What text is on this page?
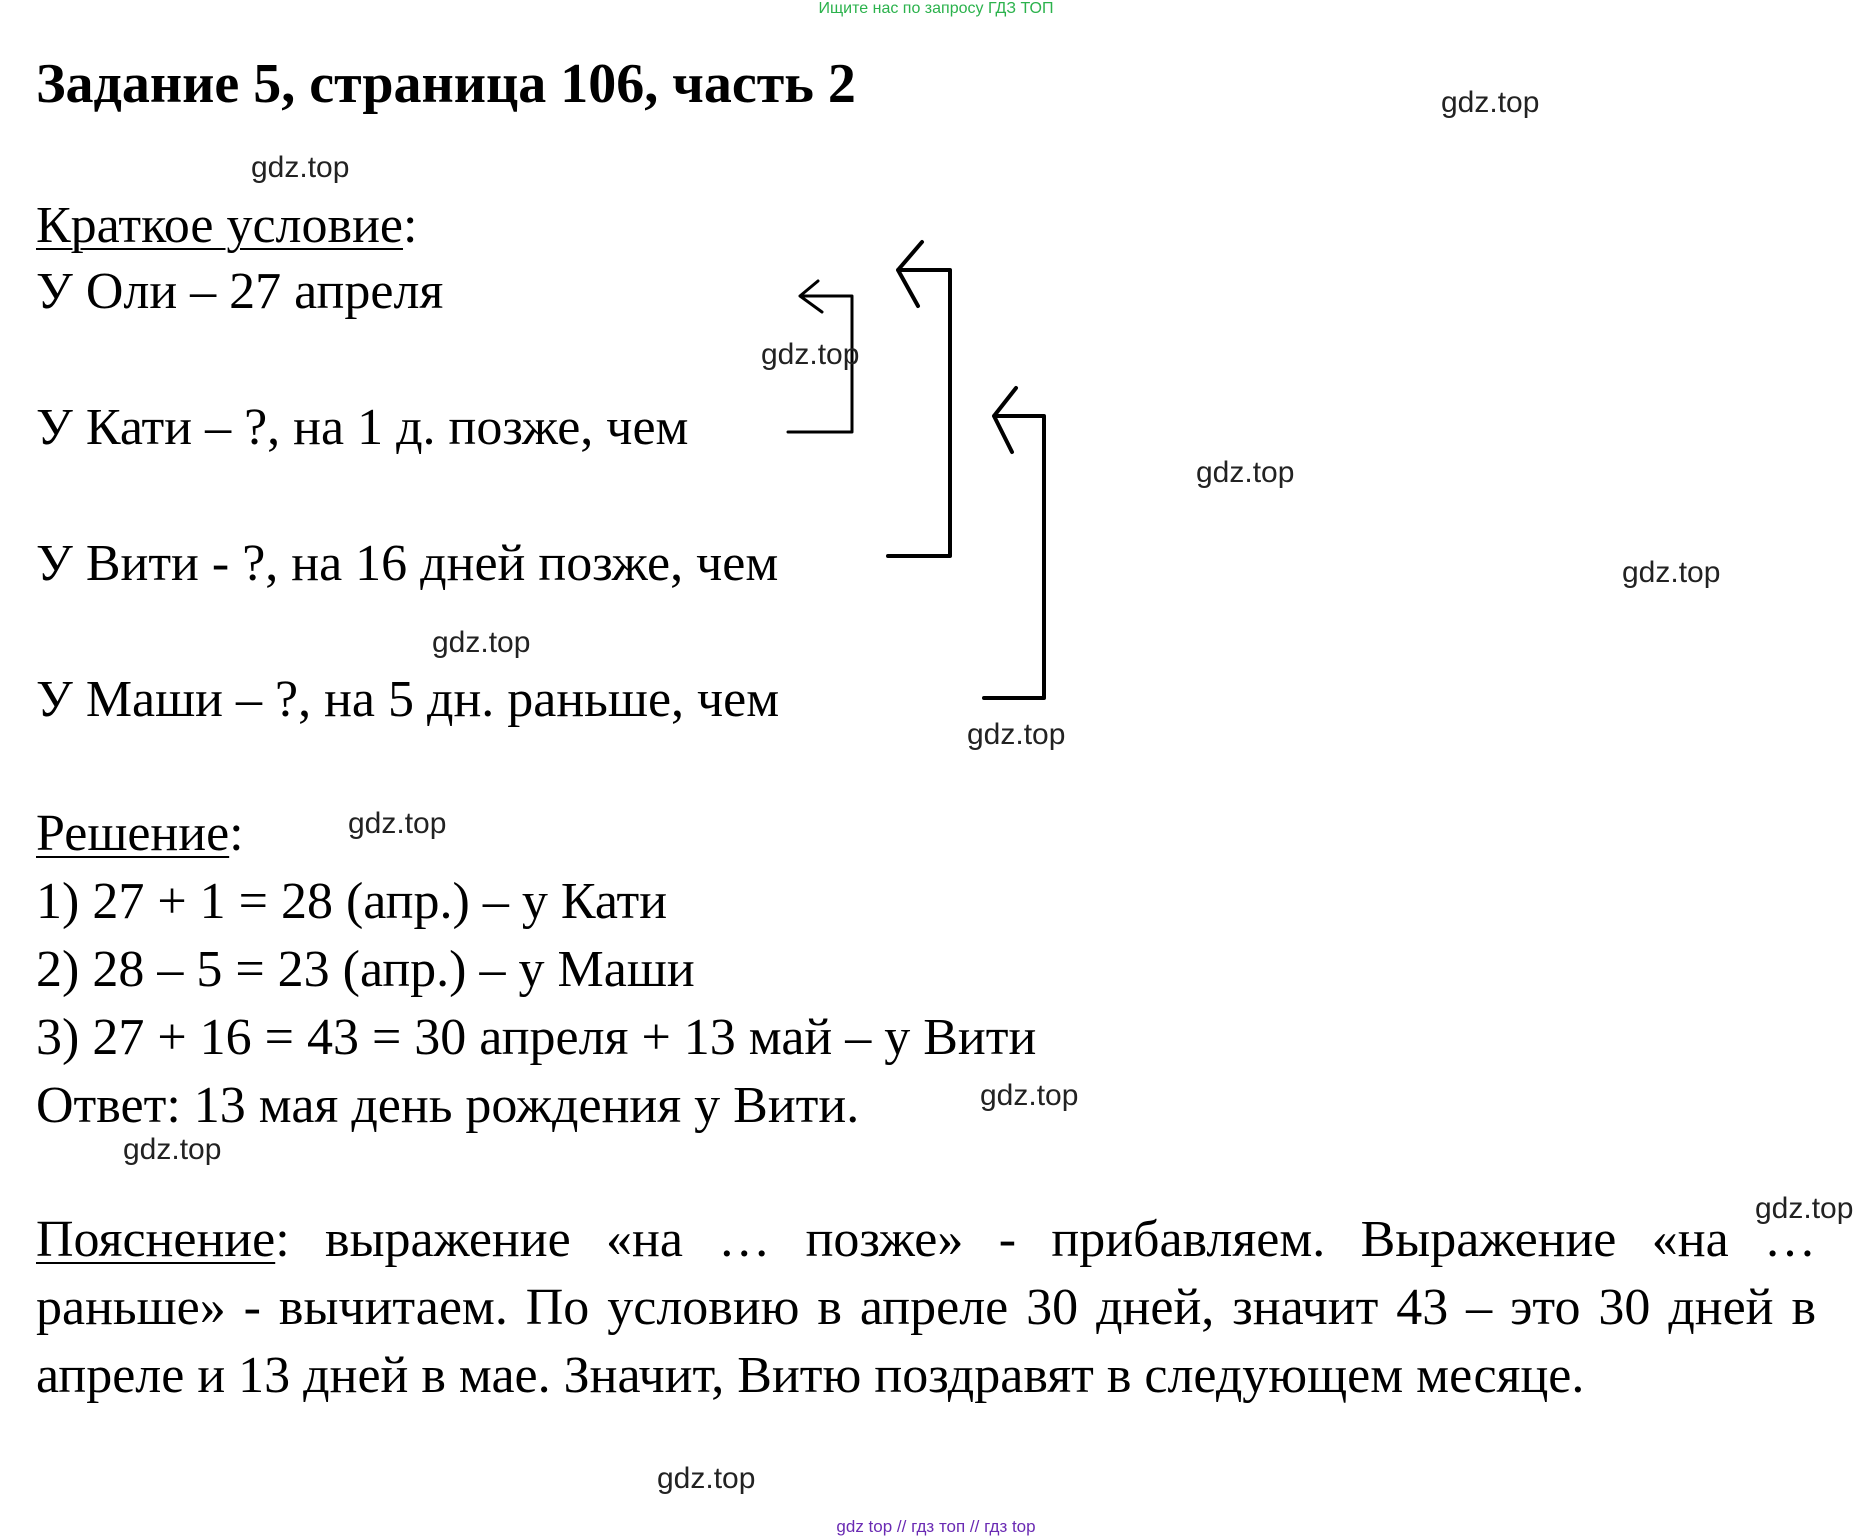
Ищите нас по запросу ГДЗ ТОП
Задание 5, страница 106, часть 2
Краткое условие:
У Оли – 27 апреля
У Кати – ?, на 1 д. позже, чем
У Вити - ?, на 16 дней позже, чем
У Маши – ?, на 5 дн. раньше, чем
Решение:
1) 27 + 1 = 28 (апр.) – у Кати
2) 28 – 5 = 23 (апр.) – у Маши
3) 27 + 16 = 43 = 30 апреля + 13 май – у Вити
Ответ: 13 мая день рождения у Вити.
Пояснение: выражение «на … позже» - прибавляем. Выражение «на … раньше» - вычитаем. По условию в апреле 30 дней, значит 43 – это 30 дней в апреле и 13 дней в мае. Значит, Витю поздравят в следующем месяце.
gdz.top
gdz.top
gdz.top
gdz.top
gdz.top
gdz.top
gdz.top
gdz.top
gdz.top
gdz.top
gdz.top
gdz.top
gdz top // гдз топ // гдз top
